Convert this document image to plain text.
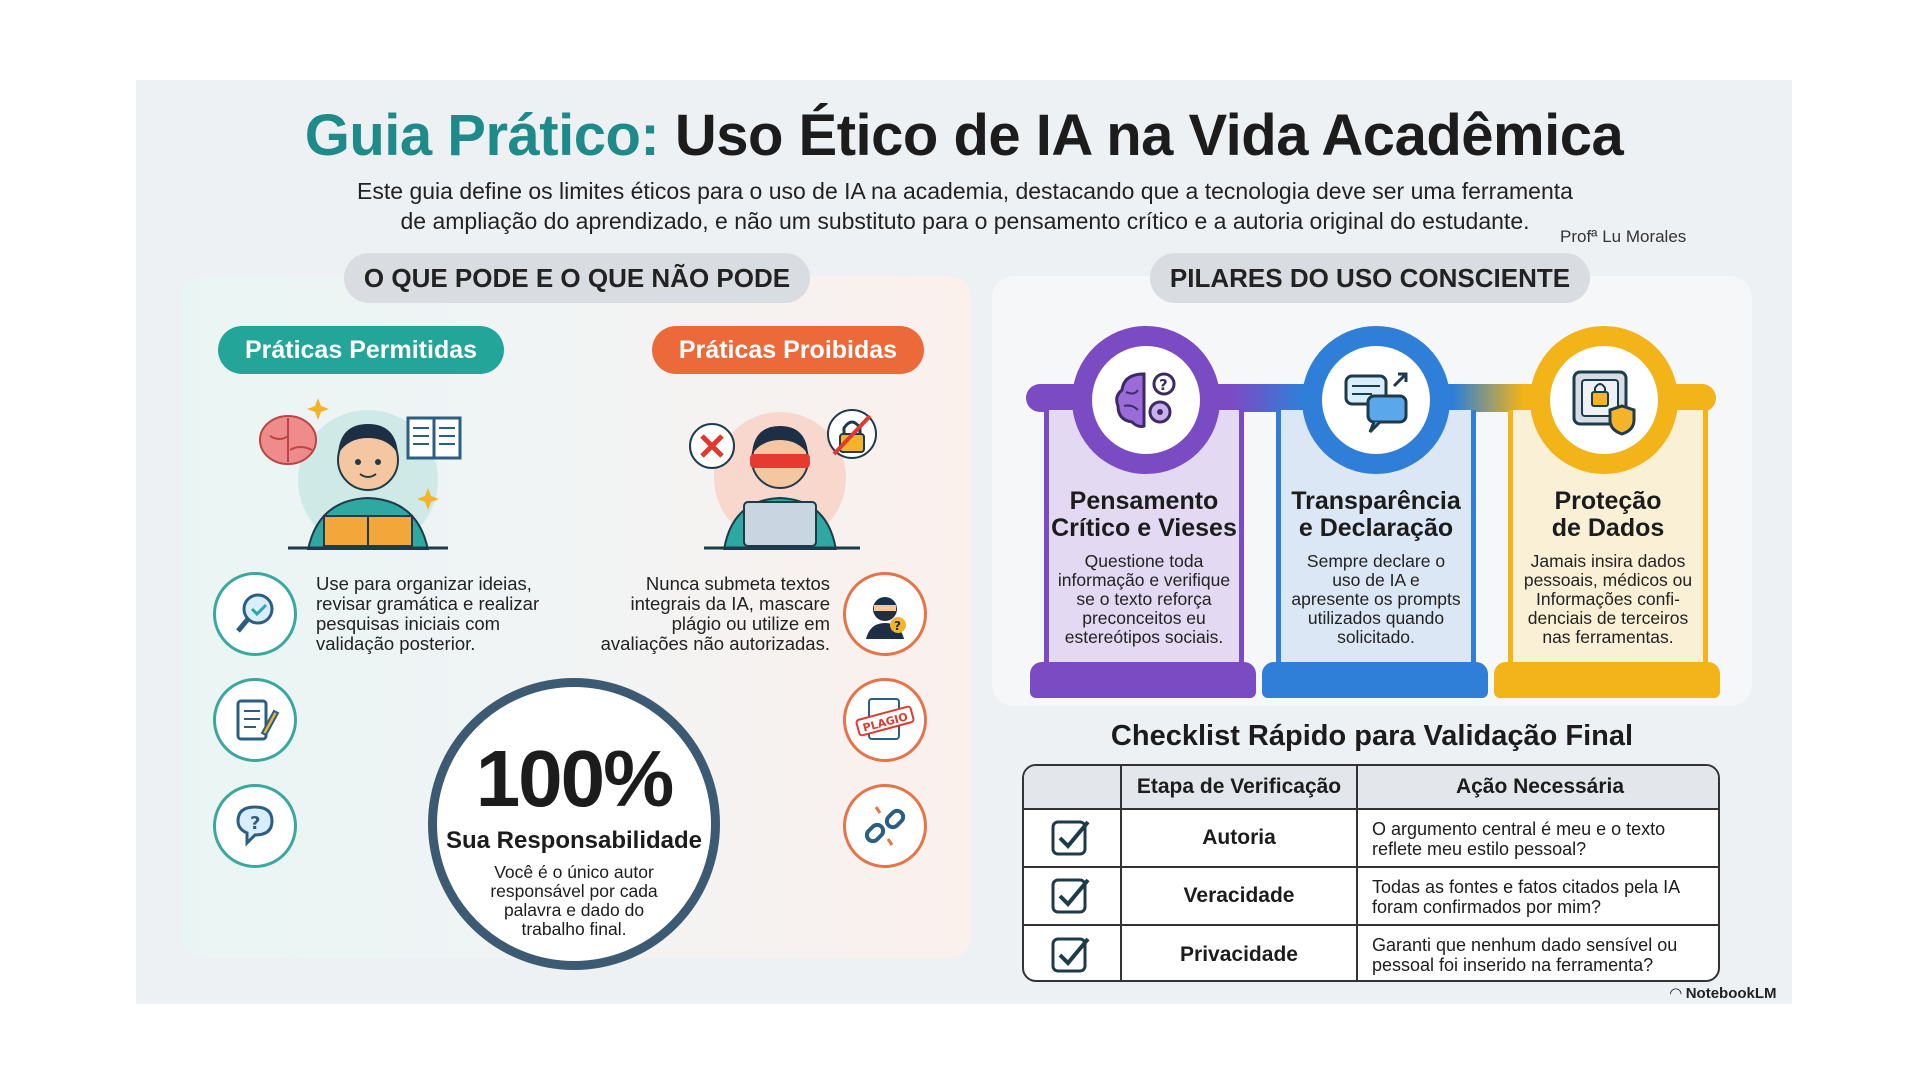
Guia Prático: Uso Ético de IA na Vida Acadêmica
Este guia define os limites éticos para o uso de IA na academia, destacando que a tecnologia deve ser uma ferramenta
de ampliação do aprendizado, e não um substituto para o pensamento crítico e a autoria original do estudante.
Profª Lu Morales
O QUE PODE E O QUE NÃO PODE
Práticas Permitidas	Práticas Proibidas
Use para organizar ideias,
revisar gramática e realizar
pesquisas iniciais com
validação posterior.
Nunca submeta textos
integrais da IA, mascare
plágio ou utilize em
avaliações não autorizadas.
?
?
PLAGIO
100%
Sua Responsabilidade
Você é o único autor
responsável por cada
palavra e dado do
trabalho final.
PILARES DO USO CONSCIENTE
?
Pensamento
Crítico e Vieses
Questione toda
informação e verifique
se o texto reforça
preconceitos eu
estereótipos sociais.
Transparência
e Declaração
Sempre declare o
uso de IA e
apresente os prompts
utilizados quando
solicitado.
Proteção
de Dados
Jamais insira dados
pessoais, médicos ou
Informações confi-
denciais de terceiros
nas ferramentas.
Checklist Rápido para Validação Final
Etapa de Verificação	Ação Necessária
Autoria	O argumento central é meu e o texto
reflete meu estilo pessoal?
Veracidade	Todas as fontes e fatos citados pela IA
foram confirmados por mim?
Privacidade	Garanti que nenhum dado sensível ou
pessoal foi inserido na ferramenta?
◠ NotebookLM
